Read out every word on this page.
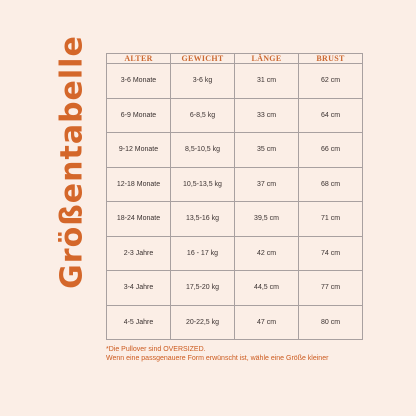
Größentabelle	ALTER	GEWICHT	LÄNGE	BRUST
3-6 Monate	3-6 kg	31 cm	62 cm
6-9 Monate	6-8,5 kg	33 cm	64 cm
9-12 Monate	8,5-10,5 kg	35 cm	66 cm
12-18 Monate	10,5-13,5 kg	37 cm	68 cm
18-24 Monate	13,5-16 kg	39,5 cm	71 cm
2-3 Jahre	16 - 17 kg	42 cm	74 cm
3-4 Jahre	17,5-20 kg	44,5 cm	77 cm
4-5 Jahre	20-22,5 kg	47 cm	80 cm
*Die Pullover sind OVERSIZED.
Wenn eine passgenauere Form erwünscht ist, wähle eine Größe kleiner
